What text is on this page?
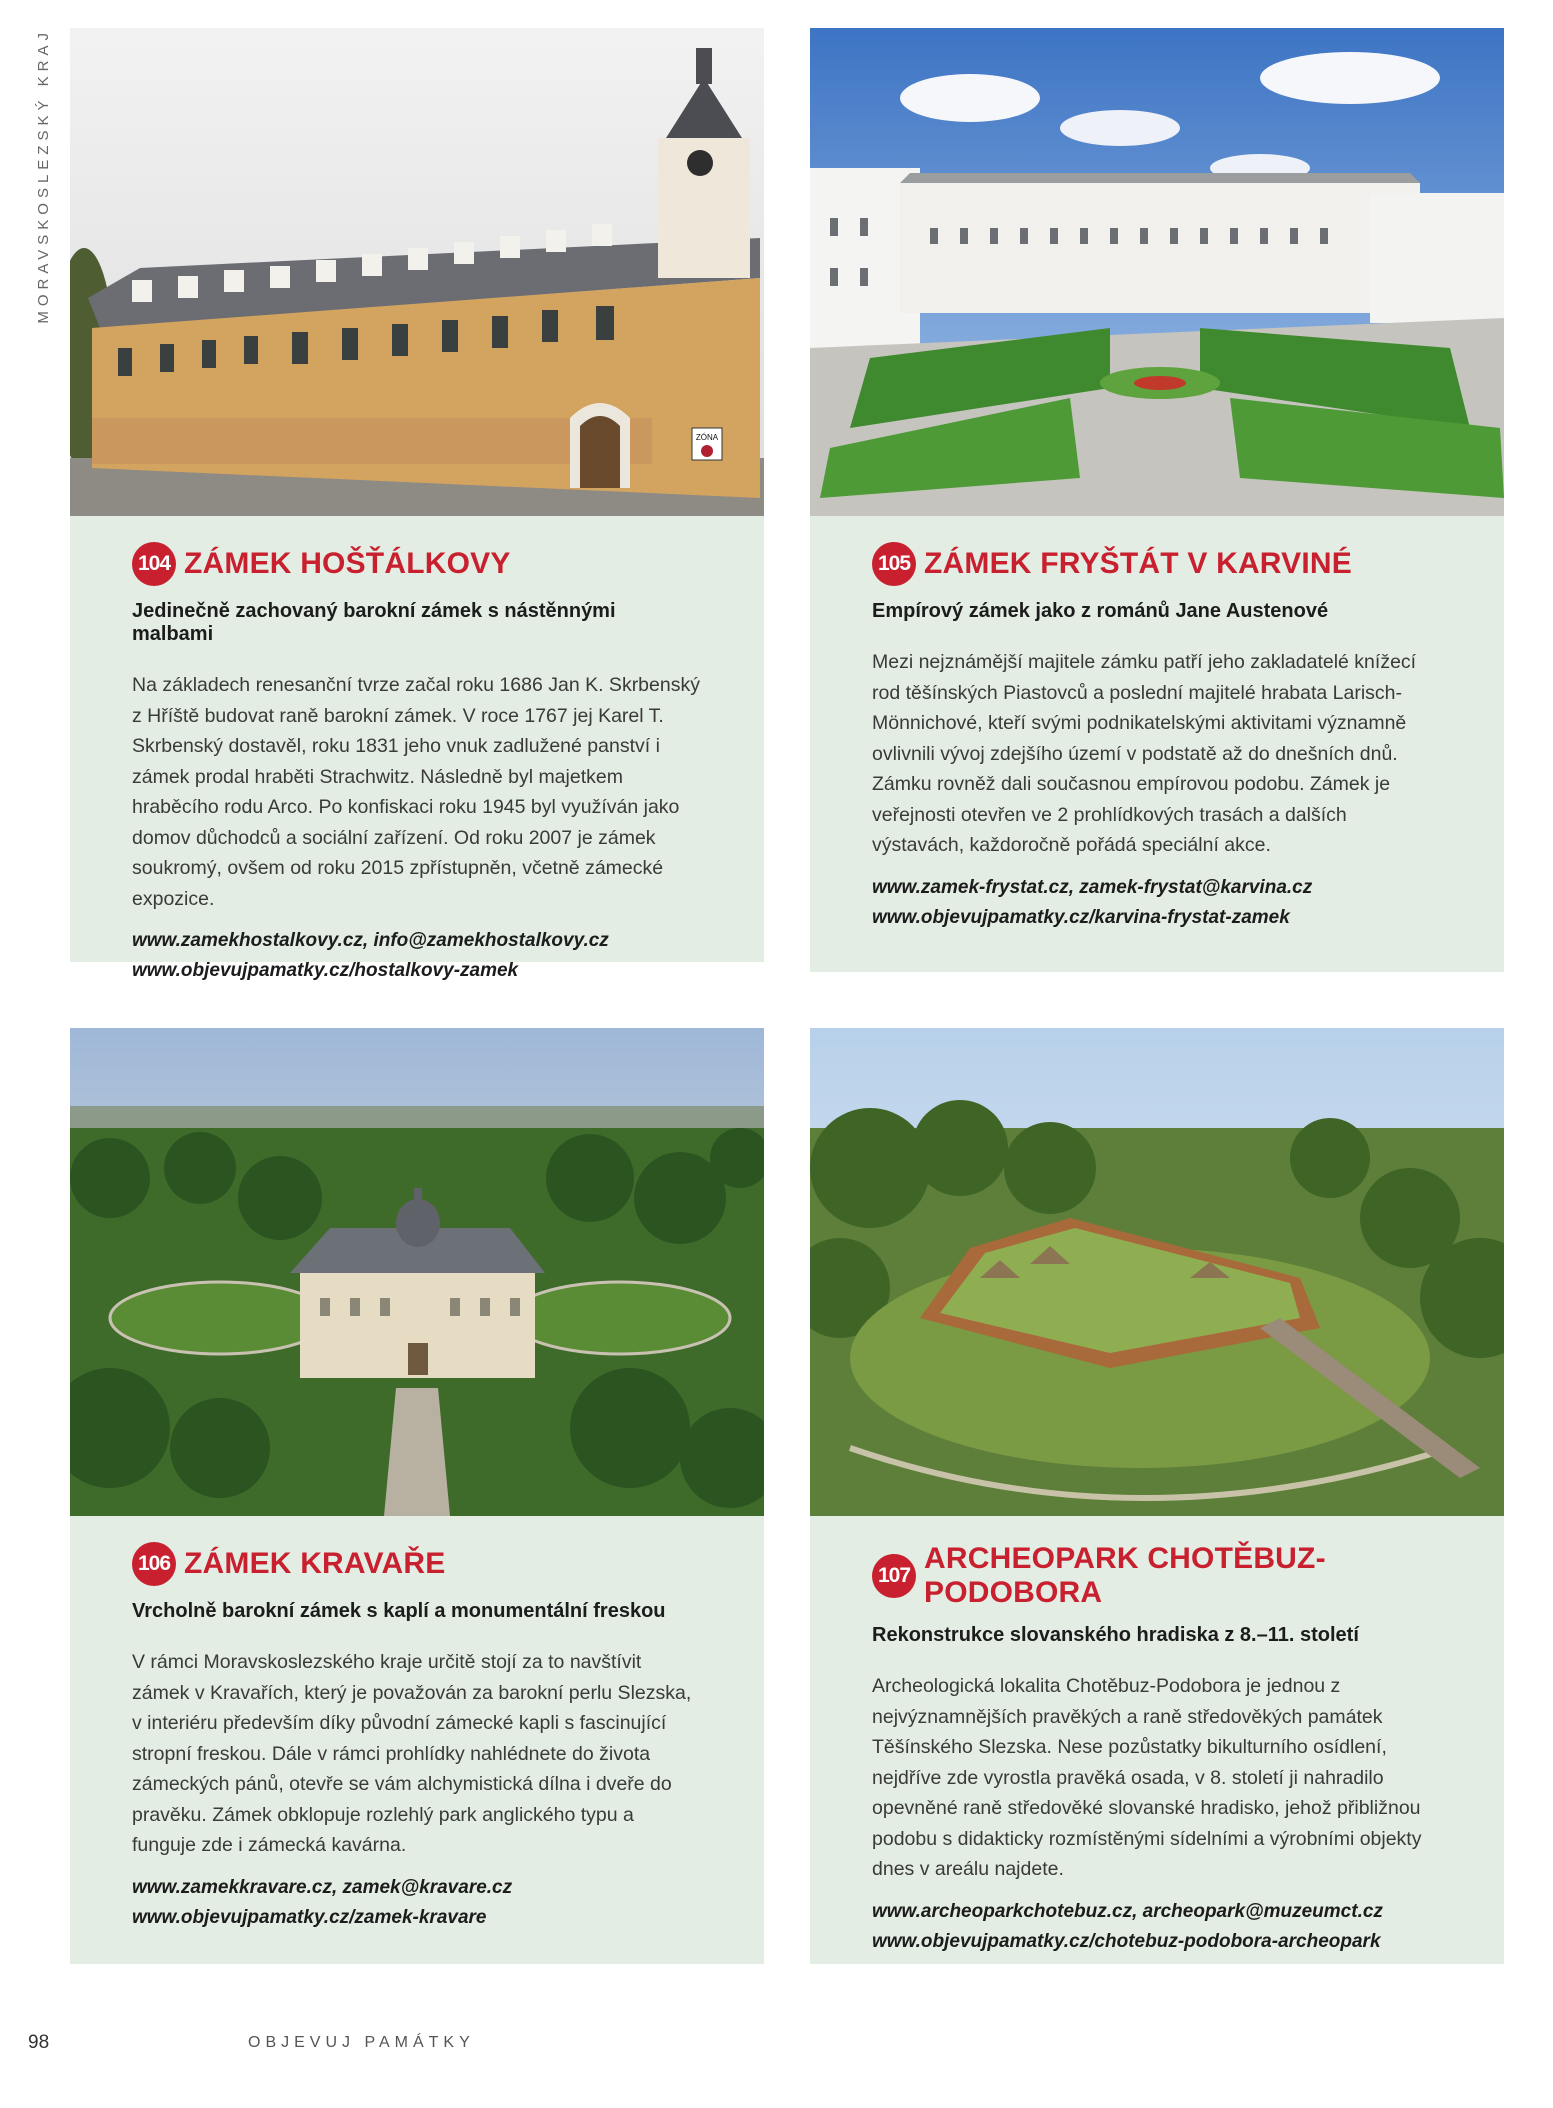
MORAVSKOSLEZSKÝ KRAJ
ZÓNA
104 ZÁMEK HOŠŤÁLKOVY

Jedinečně zachovaný barokní zámek s nástěnnými malbami

Na základech renesanční tvrze začal roku 1686 Jan K. Skrbenský z Hříště budovat raně barokní zámek. V roce 1767 jej Karel T. Skrbenský dostavěl, roku 1831 jeho vnuk zadlužené panství i zámek prodal hraběti Strachwitz. Následně byl majetkem hraběcího rodu Arco. Po konfiskaci roku 1945 byl využíván jako domov důchodců a sociální zařízení. Od roku 2007 je zámek soukromý, ovšem od roku 2015 zpřístupněn, včetně zámecké expozice.

www.zamekhostalkovy.cz, info@zamekhostalkovy.cz
www.objevujpamatky.cz/hostalkovy-zamek
105 ZÁMEK FRYŠTÁT V KARVINÉ

Empírový zámek jako z románů Jane Austenové

Mezi nejznámější majitele zámku patří jeho zakladatelé knížecí rod těšínských Piastovců a poslední majitelé hrabata Larisch-Mönnichové, kteří svými podnikatelskými aktivitami významně ovlivnili vývoj zdejšího území v podstatě až do dnešních dnů. Zámku rovněž dali současnou empírovou podobu. Zámek je veřejnosti otevřen ve 2 prohlídkových trasách a dalších výstavách, každoročně pořádá speciální akce.

www.zamek-frystat.cz, zamek-frystat@karvina.cz
www.objevujpamatky.cz/karvina-frystat-zamek
106 ZÁMEK KRAVAŘE

Vrcholně barokní zámek s kaplí a monumentální freskou

V rámci Moravskoslezského kraje určitě stojí za to navštívit zámek v Kravařích, který je považován za barokní perlu Slezska, v interiéru především díky původní zámecké kapli s fascinující stropní freskou. Dále v rámci prohlídky nahlédnete do života zámeckých pánů, otevře se vám alchymistická dílna i dveře do pravěku. Zámek obklopuje rozlehlý park anglického typu a funguje zde i zámecká kavárna.

www.zamekkravare.cz, zamek@kravare.cz
www.objevujpamatky.cz/zamek-kravare
107
ARCHEOPARK CHOTĚBUZ-PODOBORA

Rekonstrukce slovanského hradiska z 8.–11. století

Archeologická lokalita Chotěbuz-Podobora je jednou z nejvýznamnějších pravěkých a raně středověkých památek Těšínského Slezska. Nese pozůstatky bikulturního osídlení, nejdříve zde vyrostla pravěká osada, v 8. století ji nahradilo opevněné raně středověké slovanské hradisko, jehož přibližnou podobu s didakticky rozmístěnými sídelními a výrobními objekty dnes v areálu najdete.

www.archeoparkchotebuz.cz, archeopark@muzeumct.cz
www.objevujpamatky.cz/chotebuz-podobora-archeopark
98	OBJEVUJ PAMÁTKY
